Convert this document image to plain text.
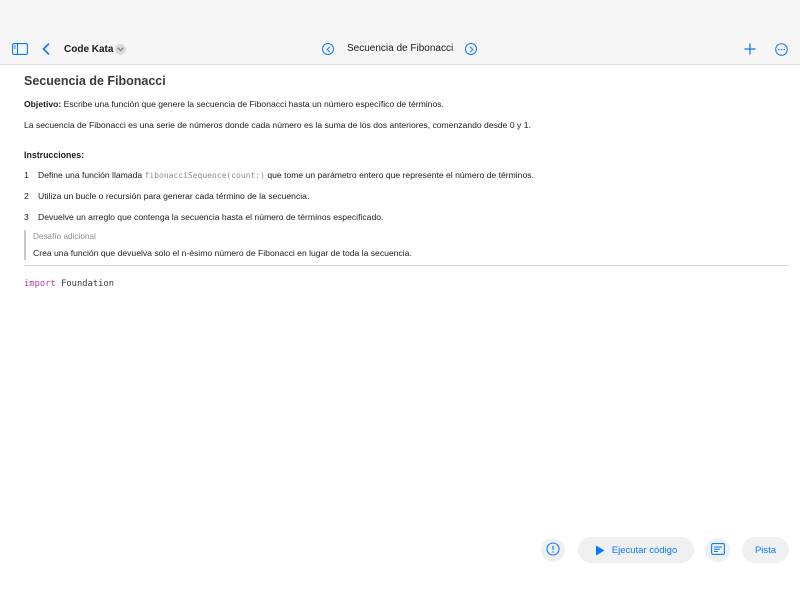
Code Kata	Secuencia de Fibonacci
Secuencia de Fibonacci
Objetivo: Escribe una función que genere la secuencia de Fibonacci hasta un número específico de términos.
La secuencia de Fibonacci es una serie de números donde cada número es la suma de los dos anteriores, comenzando desde 0 y 1.
Instrucciones:
1 Define una función llamada fibonacciSequence(count:) que tome un parámetro entero que represente el número de términos.
2 Utiliza un bucle o recursión para generar cada término de la secuencia.
3 Devuelve un arreglo que contenga la secuencia hasta el número de términos especificado.
Desafío adicional
Crea una función que devuelva solo el n-ésimo número de Fibonacci en lugar de toda la secuencia.
import Foundation
Ejecutar código	Pista
